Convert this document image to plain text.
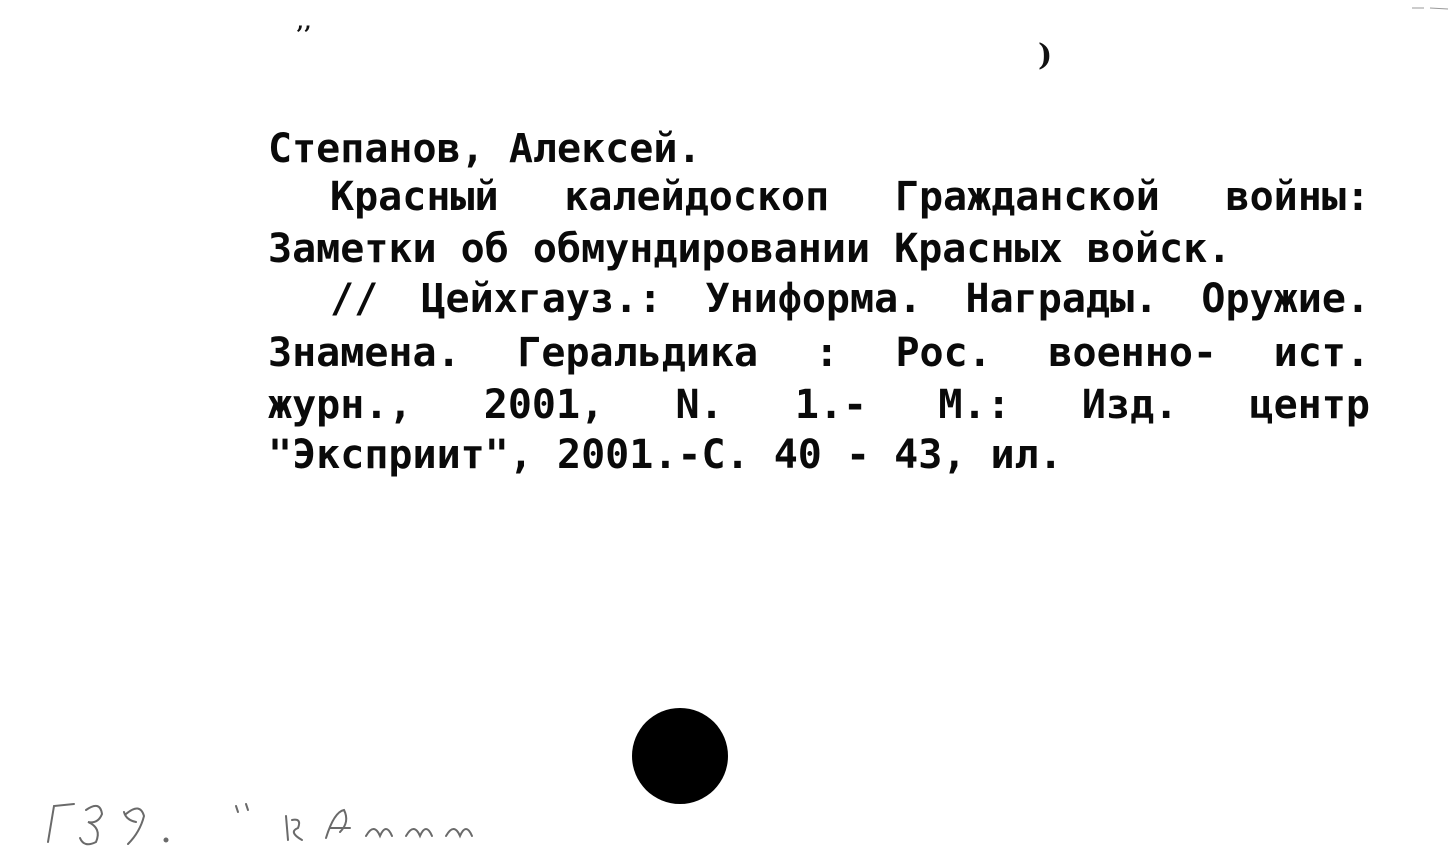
’’
)
Степанов, Алексей.
Красный калейдоскоп Гражданской войны:
Заметки об обмундировании Красных войск.
// Цейхгауз.: Униформа. Награды. Оружие.
Знамена. Геральдика : Рос. военно- ист.
журн., 2001, N. 1.- М.: Изд. центр
"Эксприит", 2001.-С. 40 - 43, ил.
